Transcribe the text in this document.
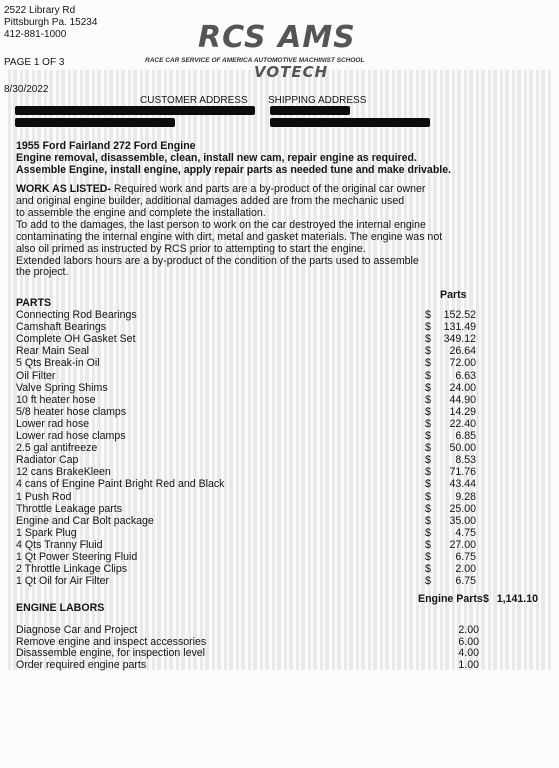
2522 Library Rd
Pittsburgh Pa. 15234
412-881-1000
PAGE 1 OF 3
8/30/2022
RCS AMS
RACE CAR SERVICE OF AMERICA AUTOMOTIVE MACHINIST SCHOOL
VOTECH
CUSTOMER ADDRESS SHIPPING ADDRESS
1955 Ford Fairland 272 Ford Engine
Engine removal, disassemble, clean, install new cam, repair engine as required.
Assemble Engine, install engine, apply repair parts as needed tune and make drivable.
WORK AS LISTED- Required work and parts are a by-product of the original car owner
and original engine builder, additional damages added are from the mechanic used
to assemble the engine and complete the installation.
To add to the damages, the last person to work on the car destroyed the internal engine
contaminating the internal engine with dirt, metal and gasket materials. The engine was not
also oil primed as instructed by RCS prior to attempting to start the engine.
Extended labors hours are a by-product of the condition of the parts used to assemble
the project.
Parts
PARTS
Connecting Rod Bearings	$	152.52
Camshaft Bearings	$	131.49
Complete OH Gasket Set	$	349.12
Rear Main Seal	$	26.64
5 Qts Break-in Oil	$	72.00
Oil Filter	$	6.63
Valve Spring Shims	$	24.00
10 ft heater hose	$	44.90
5/8 heater hose clamps	$	14.29
Lower rad hose	$	22.40
Lower rad hose clamps	$	6.85
2.5 gal antifreeze	$	50.00
Radiator Cap	$	8.53
12 cans BrakeKleen	$	71.76
4 cans of Engine Paint Bright Red and Black	$	43.44
1 Push Rod	$	9.28
Throttle Leakage parts	$	25.00
Engine and Car Bolt package	$	35.00
1 Spark Plug	$	4.75
4 Qts Tranny Fluid	$	27.00
1 Qt Power Steering Fluid	$	6.75
2 Throttle Linkage Clips	$	2.00
1 Qt Oil for Air Filter	$	6.75
Engine Parts $ 1,141.10
ENGINE LABORS
Diagnose Car and Project	2.00
Remove engine and inspect accessories	6.00
Disassemble engine, for inspection level	4.00
Order required engine parts	1.00
